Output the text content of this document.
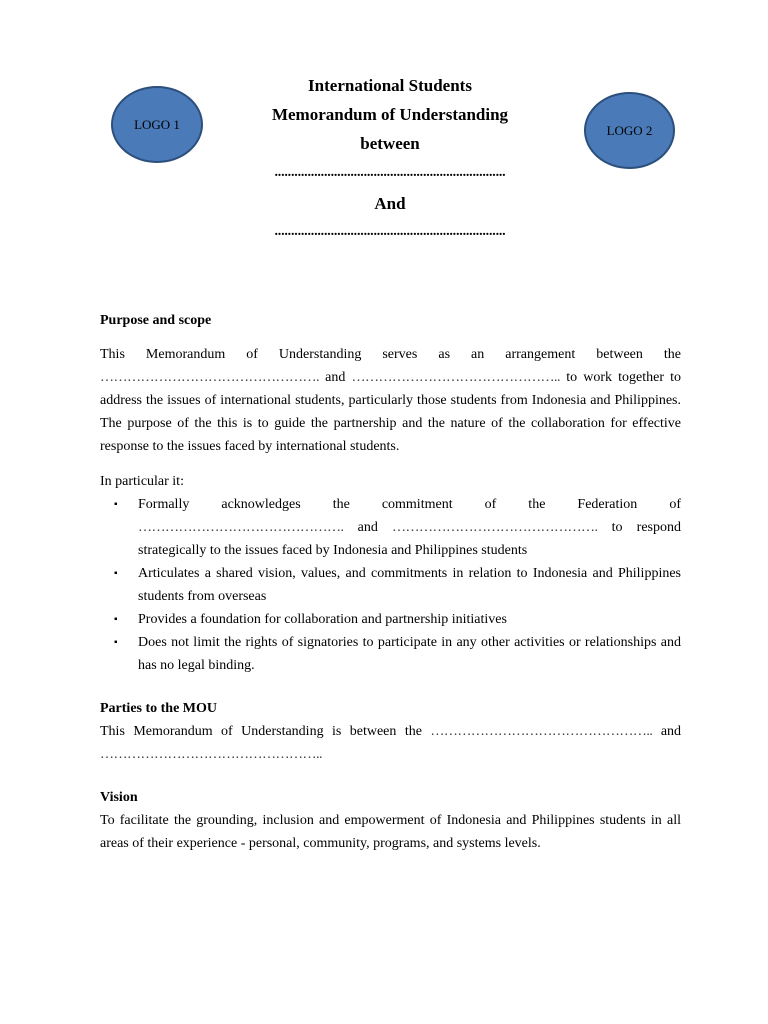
LOGO 1	LOGO 2
International Students
Memorandum of Understanding
between
......................................................................
And
......................................................................

Purpose and scope

This Memorandum of Understanding serves as an arrangement between the

…………………………………………. and ……………………………………….. to work together to address the issues of international students, particularly those students from Indonesia and Philippines. The purpose of the this is to guide the partnership and the nature of the collaboration for effective response to the issues faced by international students.

In particular it:

▪ Formally acknowledges the commitment of the Federation of ………………………………………. and ………………………………………. to respond strategically to the issues faced by Indonesia and Philippines students
▪ Articulates a shared vision, values, and commitments in relation to Indonesia and Philippines students from overseas
▪ Provides a foundation for collaboration and partnership initiatives
▪ Does not limit the rights of signatories to participate in any other activities or relationships and has no legal binding.

Parties to the MOU

This Memorandum of Understanding is between the ………………………………………….. and …………………………………………..

Vision

To facilitate the grounding, inclusion and empowerment of Indonesia and Philippines students in all areas of their experience - personal, community, programs, and systems levels.
